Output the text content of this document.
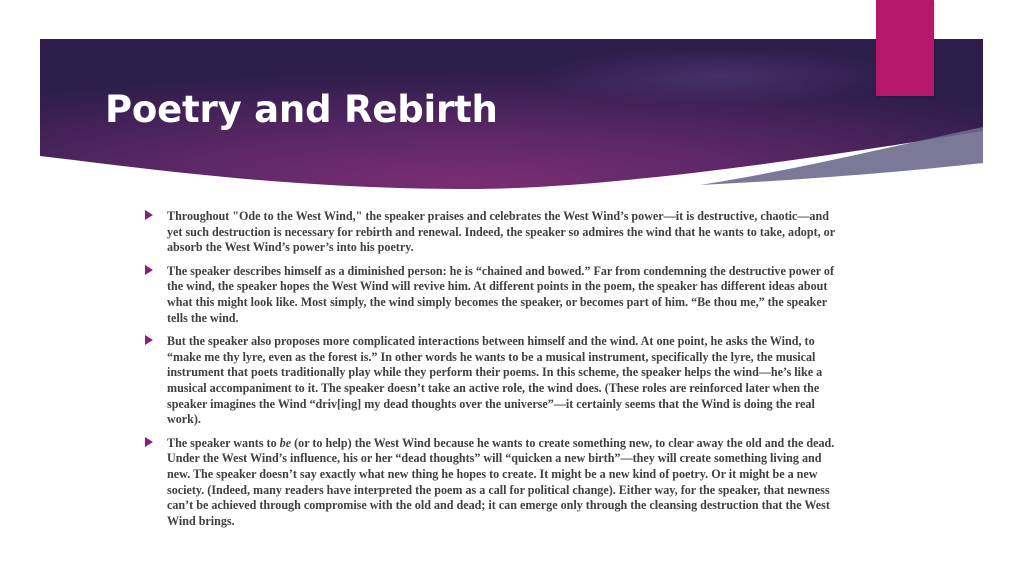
Poetry and Rebirth
Throughout "Ode to the West Wind," the speaker praises and celebrates the West Wind’s power—it is destructive, chaotic—and yet such destruction is necessary for rebirth and renewal. Indeed, the speaker so admires the wind that he wants to take, adopt, or absorb the West Wind’s power’s into his poetry.
The speaker describes himself as a diminished person: he is “chained and bowed.” Far from condemning the destructive power of the wind, the speaker hopes the West Wind will revive him. At different points in the poem, the speaker has different ideas about what this might look like. Most simply, the wind simply becomes the speaker, or becomes part of him. “Be thou me,” the speaker tells the wind.
But the speaker also proposes more complicated interactions between himself and the wind. At one point, he asks the Wind, to “make me thy lyre, even as the forest is.” In other words he wants to be a musical instrument, specifically the lyre, the musical instrument that poets traditionally play while they perform their poems. In this scheme, the speaker helps the wind—he’s like a musical accompaniment to it. The speaker doesn’t take an active role, the wind does. (These roles are reinforced later when the speaker imagines the Wind “driv[ing] my dead thoughts over the universe”—it certainly seems that the Wind is doing the real work).
The speaker wants to be (or to help) the West Wind because he wants to create something new, to clear away the old and the dead. Under the West Wind’s influence, his or her “dead thoughts” will “quicken a new birth”—they will create something living and new. The speaker doesn’t say exactly what new thing he hopes to create. It might be a new kind of poetry. Or it might be a new society. (Indeed, many readers have interpreted the poem as a call for political change). Either way, for the speaker, that newness can’t be achieved through compromise with the old and dead; it can emerge only through the cleansing destruction that the West Wind brings.
